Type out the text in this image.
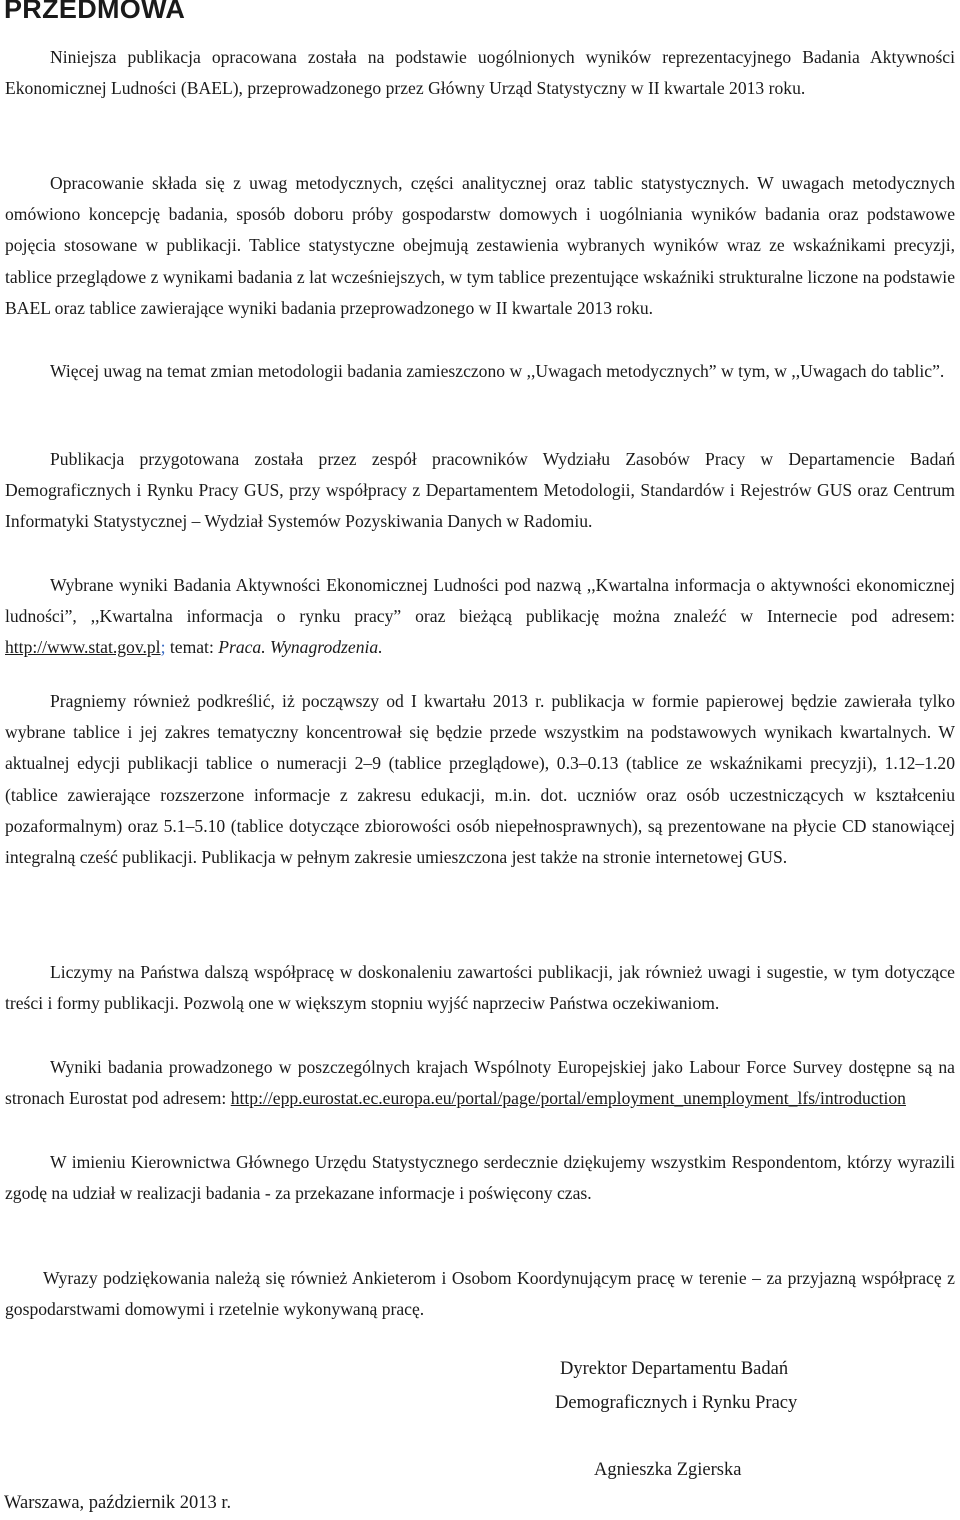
PRZEDMOWA

Niniejsza publikacja opracowana została na podstawie uogólnionych wyników reprezentacyjnego Badania Aktywności Ekonomicznej Ludności (BAEL), przeprowadzonego przez Główny Urząd Statystyczny w II kwartale 2013 roku.

Opracowanie składa się z uwag metodycznych, części analitycznej oraz tablic statystycznych. W uwagach metodycznych omówiono koncepcję badania, sposób doboru próby gospodarstw domowych i uogólniania wyników badania oraz podstawowe pojęcia stosowane w publikacji. Tablice statystyczne obejmują zestawienia wybranych wyników wraz ze wskaźnikami precyzji, tablice przeglądowe z wynikami badania z lat wcześniejszych, w tym tablice prezentujące wskaźniki strukturalne liczone na podstawie BAEL oraz tablice zawierające wyniki badania przeprowadzonego w II kwartale 2013 roku.

Więcej uwag na temat zmian metodologii badania zamieszczono w ,,Uwagach metodycznych” w tym, w ,,Uwagach do tablic”.

Publikacja przygotowana została przez zespół pracowników Wydziału Zasobów Pracy w Departamencie Badań Demograficznych i Rynku Pracy GUS, przy współpracy z Departamentem Metodologii, Standardów i Rejestrów GUS oraz Centrum Informatyki Statystycznej – Wydział Systemów Pozyskiwania Danych w Radomiu.

Wybrane wyniki Badania Aktywności Ekonomicznej Ludności pod nazwą ,,Kwartalna informacja o aktywności ekonomicznej ludności”, ,,Kwartalna informacja o rynku pracy” oraz bieżącą publikację można znaleźć w Internecie pod adresem: http://www.stat.gov.pl; temat: Praca. Wynagrodzenia.

Pragniemy również podkreślić, iż począwszy od I kwartału 2013 r. publikacja w formie papierowej będzie zawierała tylko wybrane tablice i jej zakres tematyczny koncentrował się będzie przede wszystkim na podstawowych wynikach kwartalnych. W aktualnej edycji publikacji tablice o numeracji 2–9 (tablice przeglądowe), 0.3–0.13 (tablice ze wskaźnikami precyzji), 1.12–1.20 (tablice zawierające rozszerzone informacje z zakresu edukacji, m.in. dot. uczniów oraz osób uczestniczących w kształceniu pozaformalnym) oraz 5.1–5.10 (tablice dotyczące zbiorowości osób niepełnosprawnych), są prezentowane na płycie CD stanowiącej integralną cześć publikacji. Publikacja w pełnym zakresie umieszczona jest także na stronie internetowej GUS.

Liczymy na Państwa dalszą współpracę w doskonaleniu zawartości publikacji, jak również uwagi i sugestie, w tym dotyczące treści i formy publikacji. Pozwolą one w większym stopniu wyjść naprzeciw Państwa oczekiwaniom.

Wyniki badania prowadzonego w poszczególnych krajach Wspólnoty Europejskiej jako Labour Force Survey dostępne są na stronach Eurostat pod adresem: http://epp.eurostat.ec.europa.eu/portal/page/portal/employment_unemployment_lfs/introduction

W imieniu Kierownictwa Głównego Urzędu Statystycznego serdecznie dziękujemy wszystkim Respondentom, którzy wyrazili zgodę na udział w realizacji badania - za przekazane informacje i poświęcony czas.

Wyrazy podziękowania należą się również Ankieterom i Osobom Koordynującym pracę w terenie – za przyjazną współpracę z gospodarstwami domowymi i rzetelnie wykonywaną pracę.

Dyrektor Departamentu Badań
Demograficznych i Rynku Pracy
Agnieszka Zgierska
Warszawa, październik 2013 r.
